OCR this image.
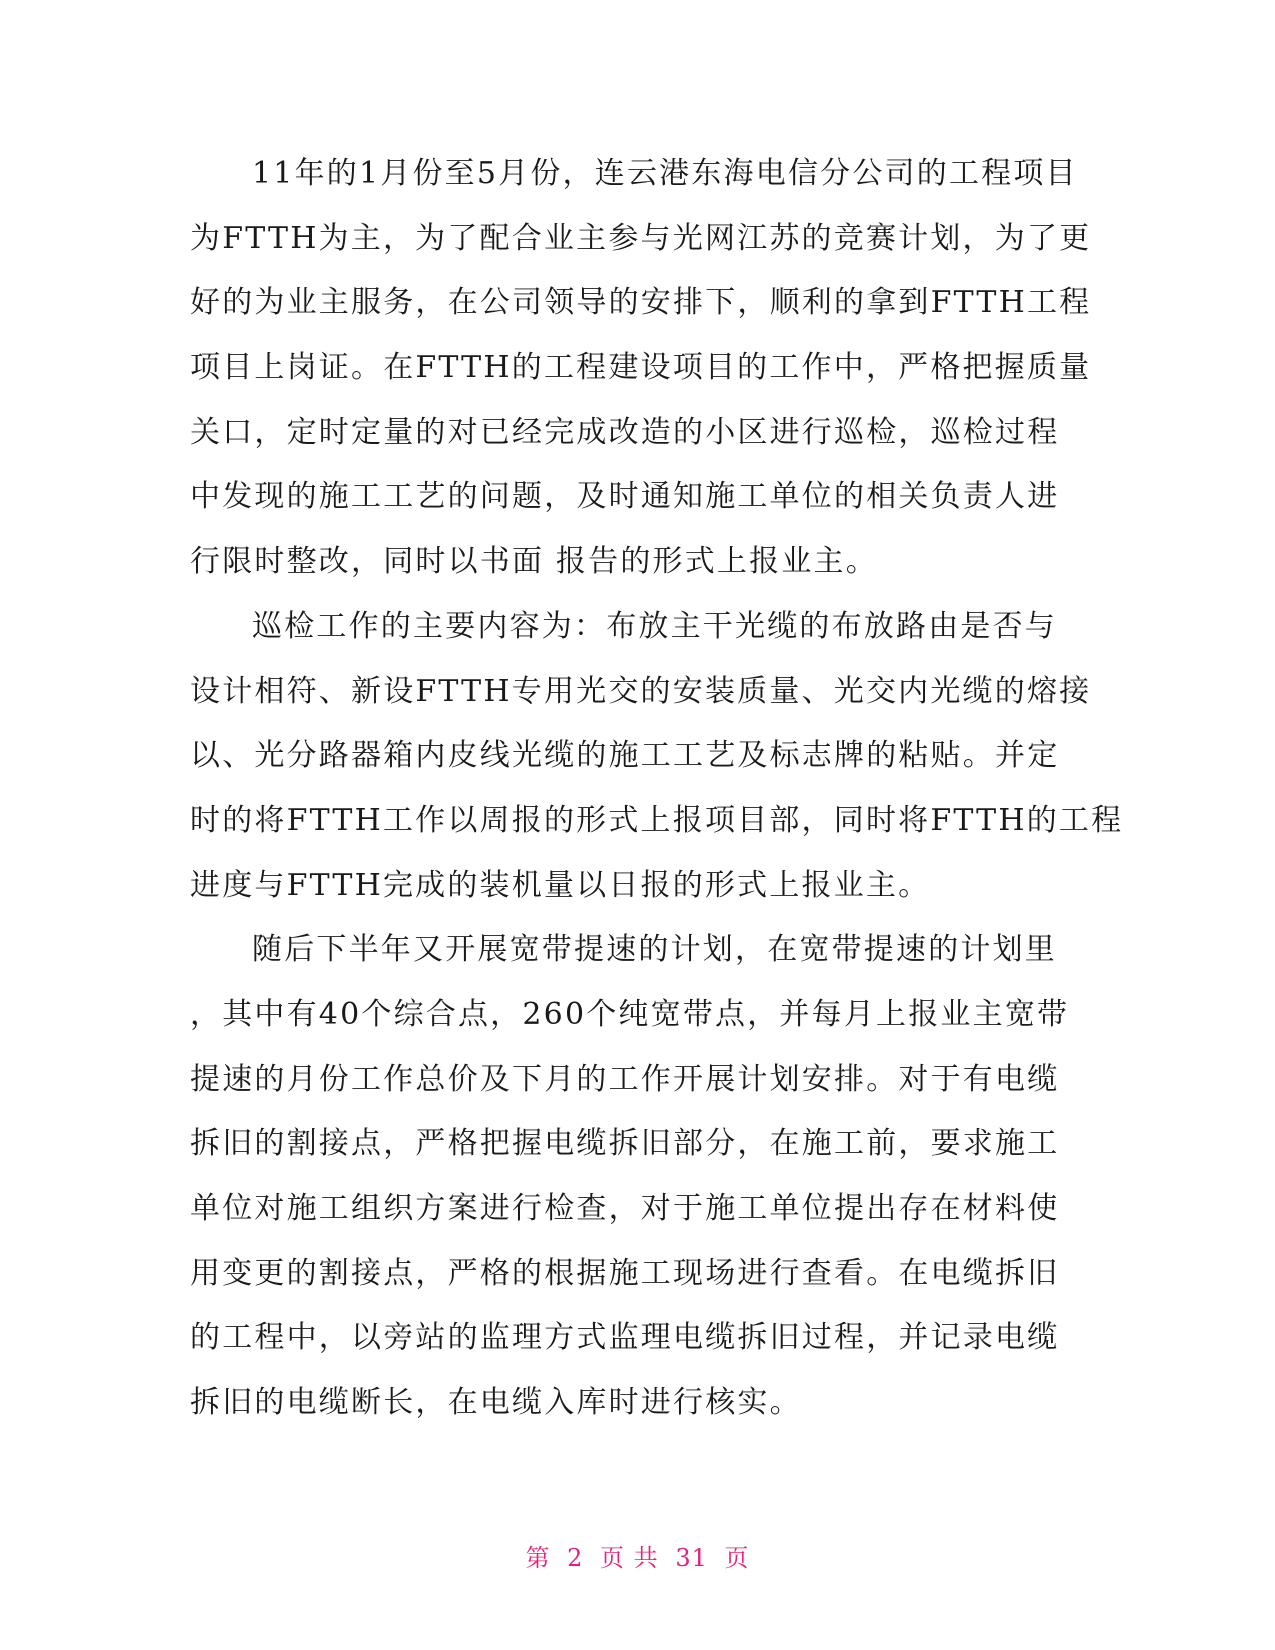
11年的1月份至5月份，连云港东海电信分公司的工程项目
为FTTH为主，为了配合业主参与光网江苏的竞赛计划，为了更
好的为业主服务，在公司领导的安排下，顺利的拿到FTTH工程
项目上岗证。在FTTH的工程建设项目的工作中，严格把握质量
关口，定时定量的对已经完成改造的小区进行巡检，巡检过程
中发现的施工工艺的问题，及时通知施工单位的相关负责人进
行限时整改，同时以书面 报告的形式上报业主。
巡检工作的主要内容为：布放主干光缆的布放路由是否与
设计相符、新设FTTH专用光交的安装质量、光交内光缆的熔接
以、光分路器箱内皮线光缆的施工工艺及标志牌的粘贴。并定
时的将FTTH工作以周报的形式上报项目部，同时将FTTH的工程
进度与FTTH完成的装机量以日报的形式上报业主。
随后下半年又开展宽带提速的计划，在宽带提速的计划里
，其中有40个综合点，260个纯宽带点，并每月上报业主宽带
提速的月份工作总价及下月的工作开展计划安排。对于有电缆
拆旧的割接点，严格把握电缆拆旧部分，在施工前，要求施工
单位对施工组织方案进行检查，对于施工单位提出存在材料使
用变更的割接点，严格的根据施工现场进行查看。在电缆拆旧
的工程中，以旁站的监理方式监理电缆拆旧过程，并记录电缆
拆旧的电缆断长，在电缆入库时进行核实。
第 2 页 共 31 页
